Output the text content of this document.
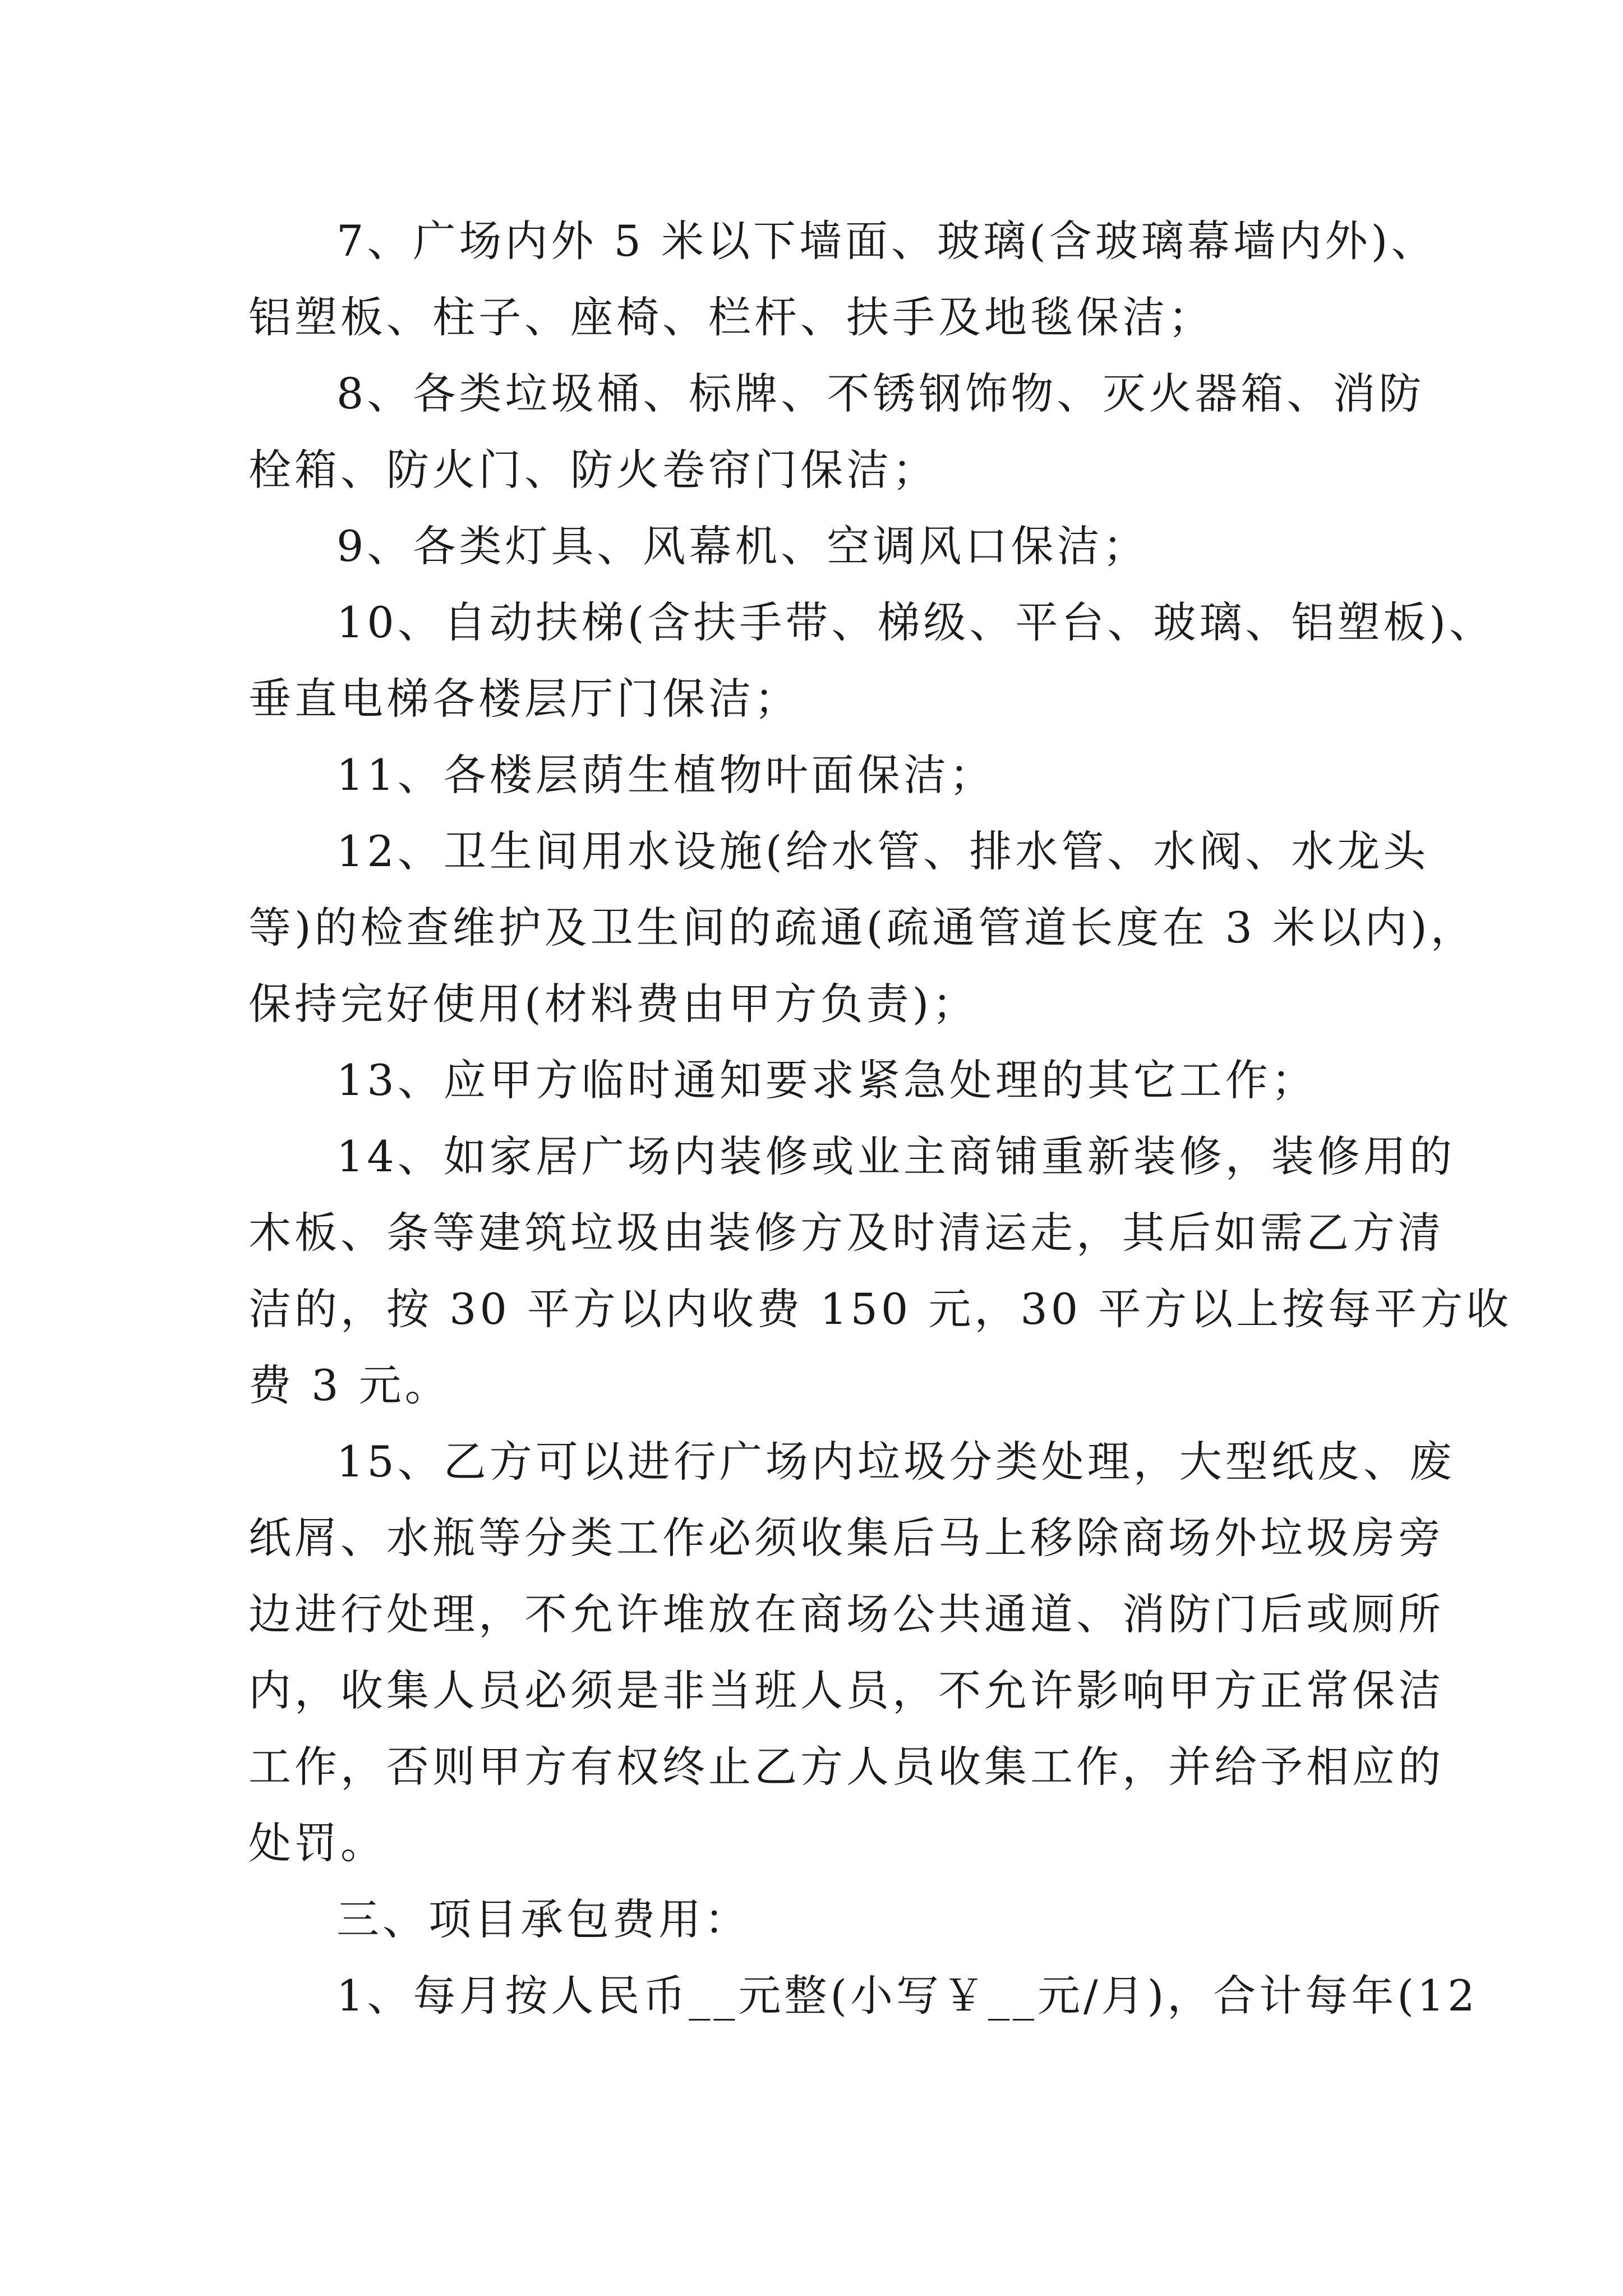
7、广场内外 5 米以下墙面、玻璃(含玻璃幕墙内外)、
铝塑板、柱子、座椅、栏杆、扶手及地毯保洁；
8、各类垃圾桶、标牌、不锈钢饰物、灭火器箱、消防
栓箱、防火门、防火卷帘门保洁；
9、各类灯具、风幕机、空调风口保洁；
10、自动扶梯(含扶手带、梯级、平台、玻璃、铝塑板)、
垂直电梯各楼层厅门保洁；
11、各楼层荫生植物叶面保洁；
12、卫生间用水设施(给水管、排水管、水阀、水龙头
等)的检查维护及卫生间的疏通(疏通管道长度在 3 米以内)，
保持完好使用(材料费由甲方负责)；
13、应甲方临时通知要求紧急处理的其它工作；
14、如家居广场内装修或业主商铺重新装修，装修用的
木板、条等建筑垃圾由装修方及时清运走，其后如需乙方清
洁的，按 30 平方以内收费 150 元，30 平方以上按每平方收
费 3 元。
15、乙方可以进行广场内垃圾分类处理，大型纸皮、废
纸屑、水瓶等分类工作必须收集后马上移除商场外垃圾房旁
边进行处理，不允许堆放在商场公共通道、消防门后或厕所
内，收集人员必须是非当班人员，不允许影响甲方正常保洁
工作，否则甲方有权终止乙方人员收集工作，并给予相应的
处罚。
三、项目承包费用：
1、每月按人民币__元整(小写￥__元/月)，合计每年(12
